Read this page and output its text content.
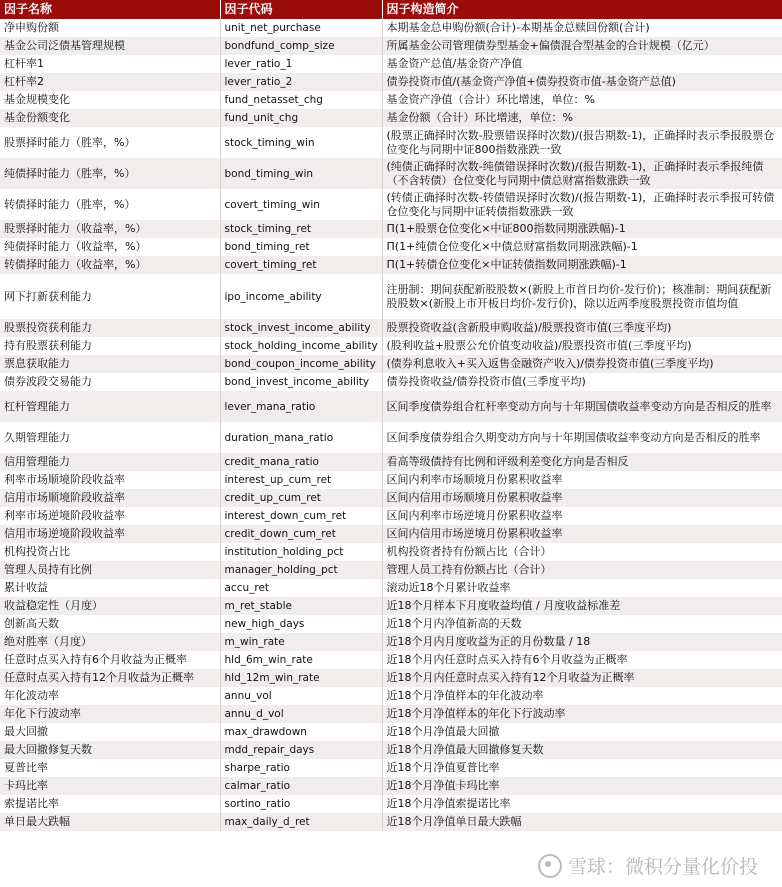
因子名称	因子代码	因子构造简介
净申购份额	unit_net_purchase	本期基金总申购份额(合计)-本期基金总赎回份额(合计)
基金公司泛债基管理规模	bondfund_comp_size	所属基金公司管理债券型基金+偏债混合型基金的合计规模（亿元）
杠杆率1	lever_ratio_1	基金资产总值/基金资产净值
杠杆率2	lever_ratio_2	债券投资市值/(基金资产净值+债券投资市值-基金资产总值)
基金规模变化	fund_netasset_chg	基金资产净值（合计）环比增速，单位：%
基金份额变化	fund_unit_chg	基金份额（合计）环比增速，单位：%
股票择时能力（胜率，%）	stock_timing_win	(股票正确择时次数-股票错误择时次数)/(报告期数-1)，正确择时表示季报股票仓位变化与同期中证800指数涨跌一致
纯债择时能力（胜率，%）	bond_timing_win	(纯债正确择时次数-纯债错误择时次数)/(报告期数-1)，正确择时表示季报纯债（不含转债）仓位变化与同期中债总财富指数涨跌一致
转债择时能力（胜率，%）	covert_timing_win	(转债正确择时次数-转债错误择时次数)/(报告期数-1)，正确择时表示季报可转债仓位变化与同期中证转债指数涨跌一致
股票择时能力（收益率，%）	stock_timing_ret	Π(1+股票仓位变化×中证800指数同期涨跌幅)-1
纯债择时能力（收益率，%）	bond_timing_ret	Π(1+纯债仓位变化×中债总财富指数同期涨跌幅)-1
转债择时能力（收益率，%）	covert_timing_ret	Π(1+转债仓位变化×中证转债指数同期涨跌幅)-1
网下打新获利能力	ipo_income_ability	注册制：期间获配新股股数×(新股上市首日均价-发行价)；核准制：期间获配新股股数×(新股上市开板日均价-发行价)，除以近两季度股票投资市值均值
股票投资获利能力	stock_invest_income_ability	股票投资收益(含新股申购收益)/股票投资市值(三季度平均)
持有股票获利能力	stock_holding_income_ability	(股利收益+股票公允价值变动收益)/股票投资市值(三季度平均)
票息获取能力	bond_coupon_income_ability	(债券利息收入+买入返售金融资产收入)/债券投资市值(三季度平均)
债券波段交易能力	bond_invest_income_ability	债券投资收益/债券投资市值(三季度平均)
杠杆管理能力	lever_mana_ratio	区间季度债券组合杠杆率变动方向与十年期国债收益率变动方向是否相反的胜率
久期管理能力	duration_mana_ratio	区间季度债券组合久期变动方向与十年期国债收益率变动方向是否相反的胜率
信用管理能力	credit_mana_ratio	看高等级债持有比例和评级利差变化方向是否相反
利率市场顺境阶段收益率	interest_up_cum_ret	区间内利率市场顺境月份累积收益率
信用市场顺境阶段收益率	credit_up_cum_ret	区间内信用市场顺境月份累积收益率
利率市场逆境阶段收益率	interest_down_cum_ret	区间内利率市场逆境月份累积收益率
信用市场逆境阶段收益率	credit_down_cum_ret	区间内信用市场逆境月份累积收益率
机构投资占比	institution_holding_pct	机构投资者持有份额占比（合计）
管理人员持有比例	manager_holding_pct	管理人员工持有份额占比（合计）
累计收益	accu_ret	滚动近18个月累计收益率
收益稳定性（月度）	m_ret_stable	近18个月样本下月度收益均值 / 月度收益标准差
创新高天数	new_high_days	近18个月内净值新高的天数
绝对胜率（月度）	m_win_rate	近18个月内月度收益为正的月份数量 / 18
任意时点买入持有6个月收益为正概率	hld_6m_win_rate	近18个月内任意时点买入持有6个月收益为正概率
任意时点买入持有12个月收益为正概率	hld_12m_win_rate	近18个月内任意时点买入持有12个月收益为正概率
年化波动率	annu_vol	近18个月净值样本的年化波动率
年化下行波动率	annu_d_vol	近18个月净值样本的年化下行波动率
最大回撤	max_drawdown	近18个月净值最大回撤
最大回撤修复天数	mdd_repair_days	近18个月净值最大回撤修复天数
夏普比率	sharpe_ratio	近18个月净值夏普比率
卡玛比率	calmar_ratio	近18个月净值卡玛比率
索提诺比率	sortino_ratio	近18个月净值索提诺比率
单日最大跌幅	max_daily_d_ret	近18个月净值单日最大跌幅
雪球：微积分量化价投
